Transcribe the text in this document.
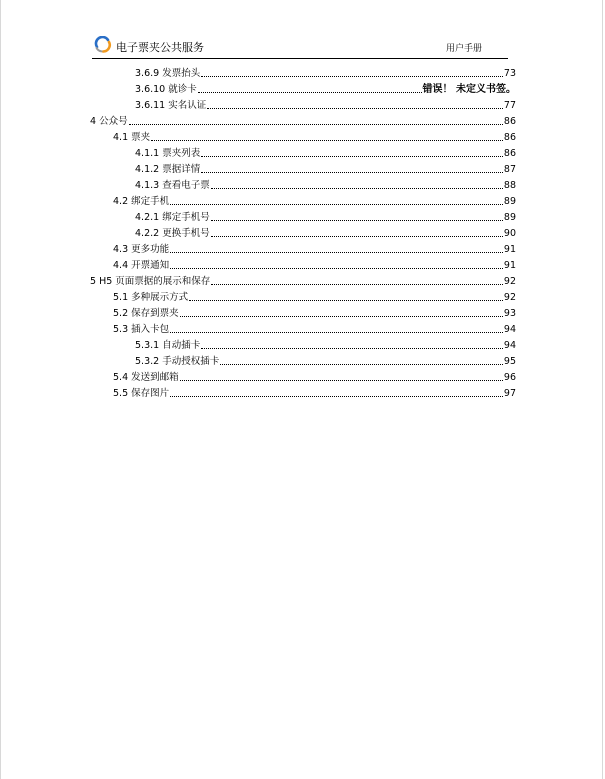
电子票夹公共服务	用户手册
3.6.9 发票抬头	73
3.6.10 就诊卡	错误！ 未定义书签。
3.6.11 实名认证	77
4 公众号	86
4.1 票夹	86
4.1.1 票夹列表	86
4.1.2 票据详情	87
4.1.3 查看电子票	88
4.2 绑定手机	89
4.2.1 绑定手机号	89
4.2.2 更换手机号	90
4.3 更多功能	91
4.4 开票通知	91
5 H5 页面票据的展示和保存	92
5.1 多种展示方式	92
5.2 保存到票夹	93
5.3 插入卡包	94
5.3.1 自动插卡	94
5.3.2 手动授权插卡	95
5.4 发送到邮箱	96
5.5 保存图片	97
